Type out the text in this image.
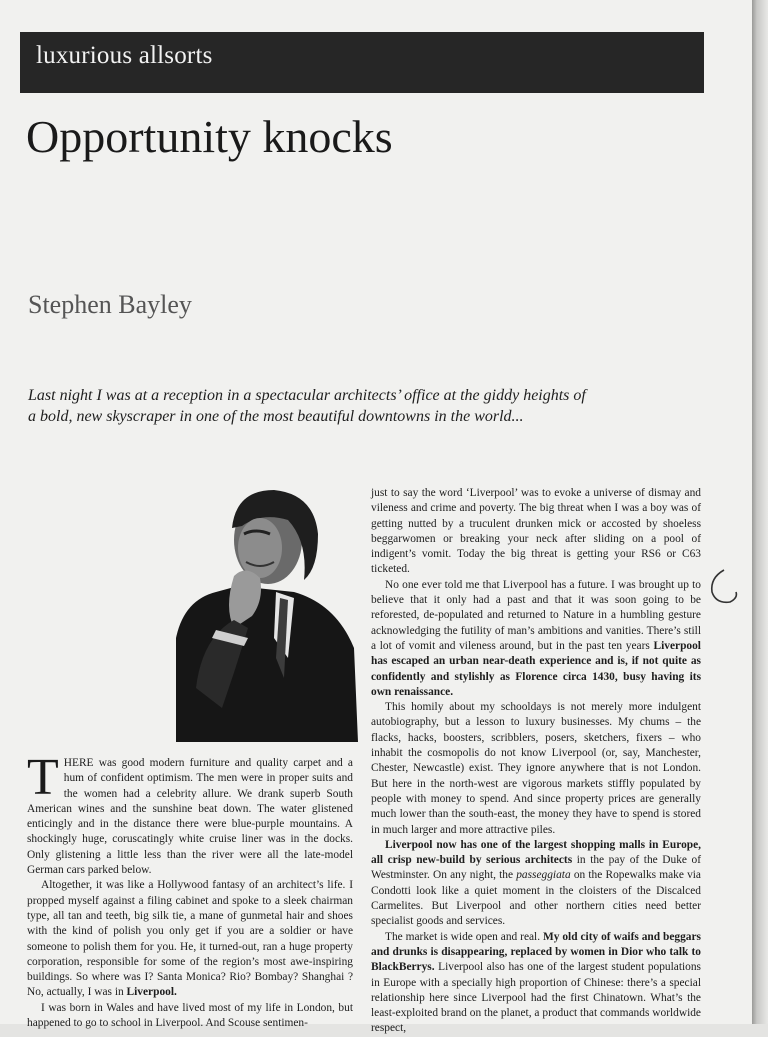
luxurious allsorts
Opportunity knocks
Stephen Bayley
Last night I was at a reception in a spectacular architects’ office at the giddy heights of a bold, new skyscraper in one of the most beautiful downtowns in the world...

THERE was good modern furniture and quality carpet and a hum of confident optimism. The men were in proper suits and the women had a celebrity allure. We drank superb South American wines and the sunshine beat down. The water glistened enticingly and in the distance there were blue-purple mountains. A shockingly huge, coruscatingly white cruise liner was in the docks. Only glistening a little less than the river were all the late-model German cars parked below.

Altogether, it was like a Hollywood fantasy of an architect’s life. I propped myself against a filing cabinet and spoke to a sleek chairman type, all tan and teeth, big silk tie, a mane of gunmetal hair and shoes with the kind of polish you only get if you are a soldier or have someone to polish them for you. He, it turned-out, ran a huge property corporation, responsible for some of the region’s most awe-inspiring buildings. So where was I? Santa Monica? Rio? Bombay? Shanghai ? No, actually, I was in Liverpool.

I was born in Wales and have lived most of my life in London, but happened to go to school in Liverpool. And Scouse sentimen-

just to say the word ‘Liverpool’ was to evoke a universe of dismay and vileness and crime and poverty. The big threat when I was a boy was of getting nutted by a truculent drunken mick or accosted by shoeless beggarwomen or breaking your neck after sliding on a pool of indigent’s vomit. Today the big threat is getting your RS6 or C63 ticketed.

No one ever told me that Liverpool has a future. I was brought up to believe that it only had a past and that it was soon going to be reforested, de-populated and returned to Nature in a humbling gesture acknowledging the futility of man’s ambitions and vanities. There’s still a lot of vomit and vileness around, but in the past ten years Liverpool has escaped an urban near-death experience and is, if not quite as confidently and stylishly as Florence circa 1430, busy having its own renaissance.

This homily about my schooldays is not merely more indulgent autobiography, but a lesson to luxury businesses. My chums – the flacks, hacks, boosters, scribblers, posers, sketchers, fixers – who inhabit the cosmopolis do not know Liverpool (or, say, Manchester, Chester, Newcastle) exist. They ignore anywhere that is not London. But here in the north-west are vigorous markets stiffly populated by people with money to spend. And since property prices are generally much lower than the south-east, the money they have to spend is stored in much larger and more attractive piles.

Liverpool now has one of the largest shopping malls in Europe, all crisp new-build by serious architects in the pay of the Duke of Westminster. On any night, the passeggiata on the Ropewalks make via Condotti look like a quiet moment in the cloisters of the Discalced Carmelites. But Liverpool and other northern cities need better specialist goods and services.

The market is wide open and real. My old city of waifs and beggars and drunks is disappearing, replaced by women in Dior who talk to BlackBerrys. Liverpool also has one of the largest student populations in Europe with a specially high proportion of Chinese: there’s a special relationship here since Liverpool had the first Chinatown. What’s the least-exploited brand on the planet, a product that commands worldwide respect,
